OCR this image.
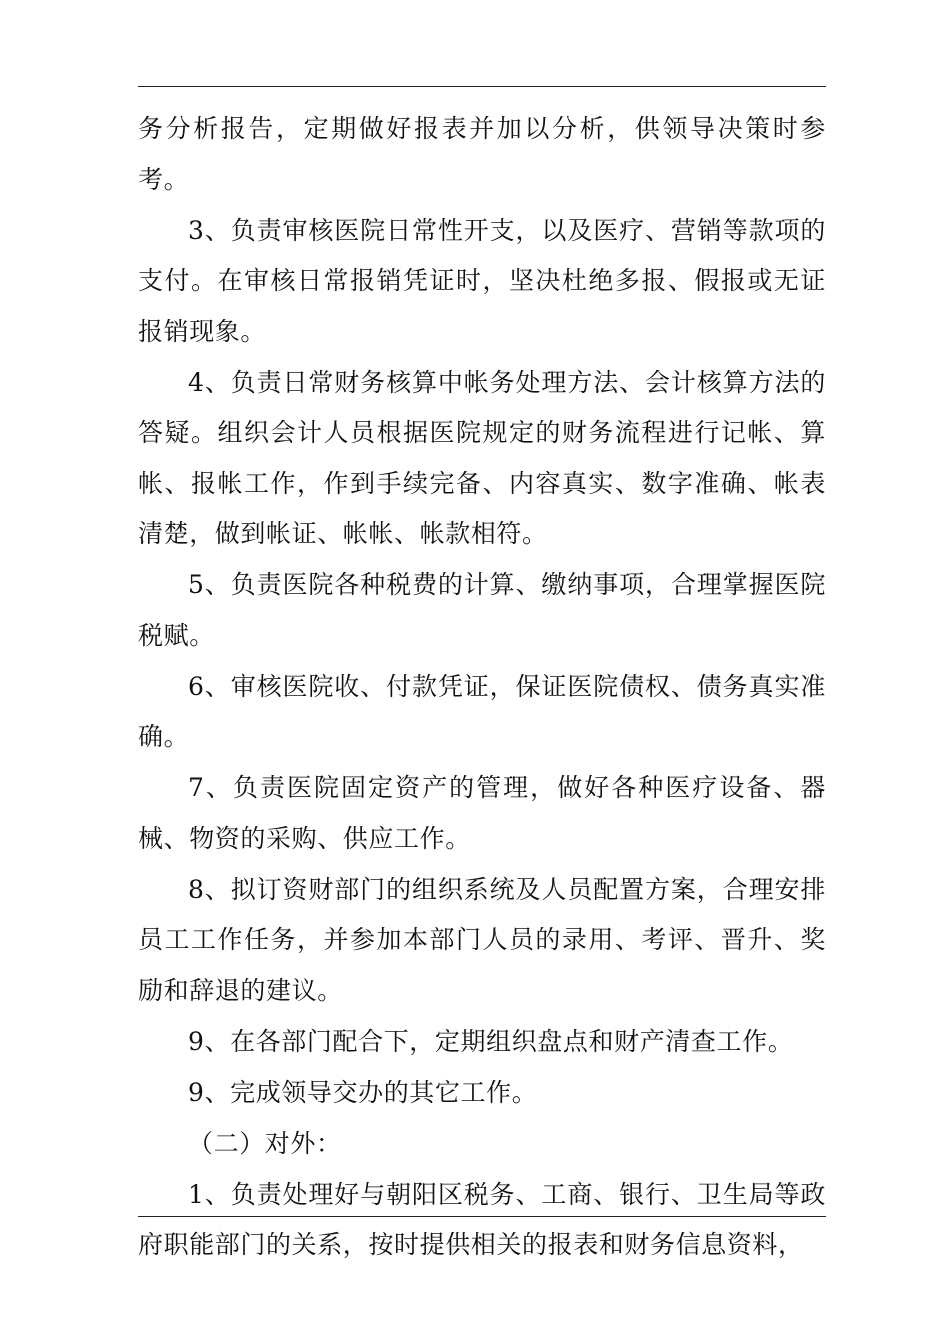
务分析报告，定期做好报表并加以分析，供领导决策时参考。

3、负责审核医院日常性开支，以及医疗、营销等款项的支付。在审核日常报销凭证时，坚决杜绝多报、假报或无证报销现象。

4、负责日常财务核算中帐务处理方法、会计核算方法的答疑。组织会计人员根据医院规定的财务流程进行记帐、算帐、报帐工作，作到手续完备、内容真实、数字准确、帐表清楚，做到帐证、帐帐、帐款相符。

5、负责医院各种税费的计算、缴纳事项，合理掌握医院税赋。

6、审核医院收、付款凭证，保证医院债权、债务真实准确。

7、负责医院固定资产的管理，做好各种医疗设备、器械、物资的采购、供应工作。

8、拟订资财部门的组织系统及人员配置方案，合理安排员工工作任务，并参加本部门人员的录用、考评、晋升、奖励和辞退的建议。

9、在各部门配合下，定期组织盘点和财产清查工作。

9、完成领导交办的其它工作。

（二）对外：

1、负责处理好与朝阳区税务、工商、银行、卫生局等政府职能部门的关系，按时提供相关的报表和财务信息资料，
